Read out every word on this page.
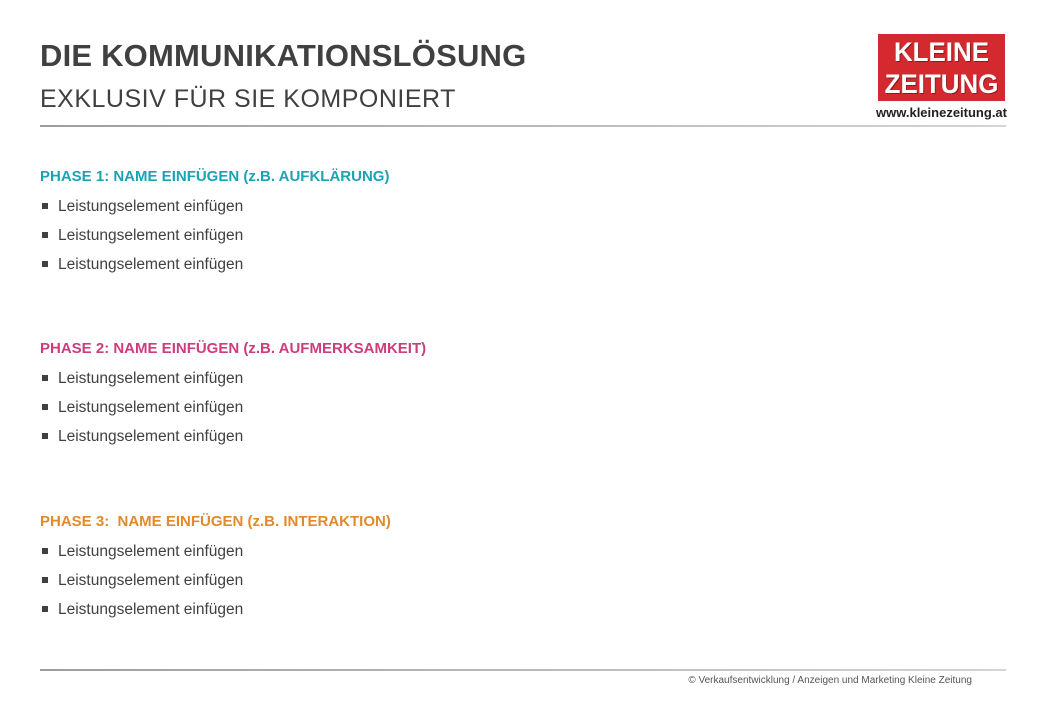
DIE KOMMUNIKATIONSLÖSUNG
EXKLUSIV FÜR SIE KOMPONIERT
KLEINE
ZEITUNG
www.kleinezeitung.at
PHASE 1: NAME EINFÜGEN (z.B. AUFKLÄRUNG)
Leistungselement einfügen
Leistungselement einfügen
Leistungselement einfügen
PHASE 2: NAME EINFÜGEN (z.B. AUFMERKSAMKEIT)
Leistungselement einfügen
Leistungselement einfügen
Leistungselement einfügen
PHASE 3:  NAME EINFÜGEN (z.B. INTERAKTION)
Leistungselement einfügen
Leistungselement einfügen
Leistungselement einfügen
© Verkaufsentwicklung / Anzeigen und Marketing Kleine Zeitung
